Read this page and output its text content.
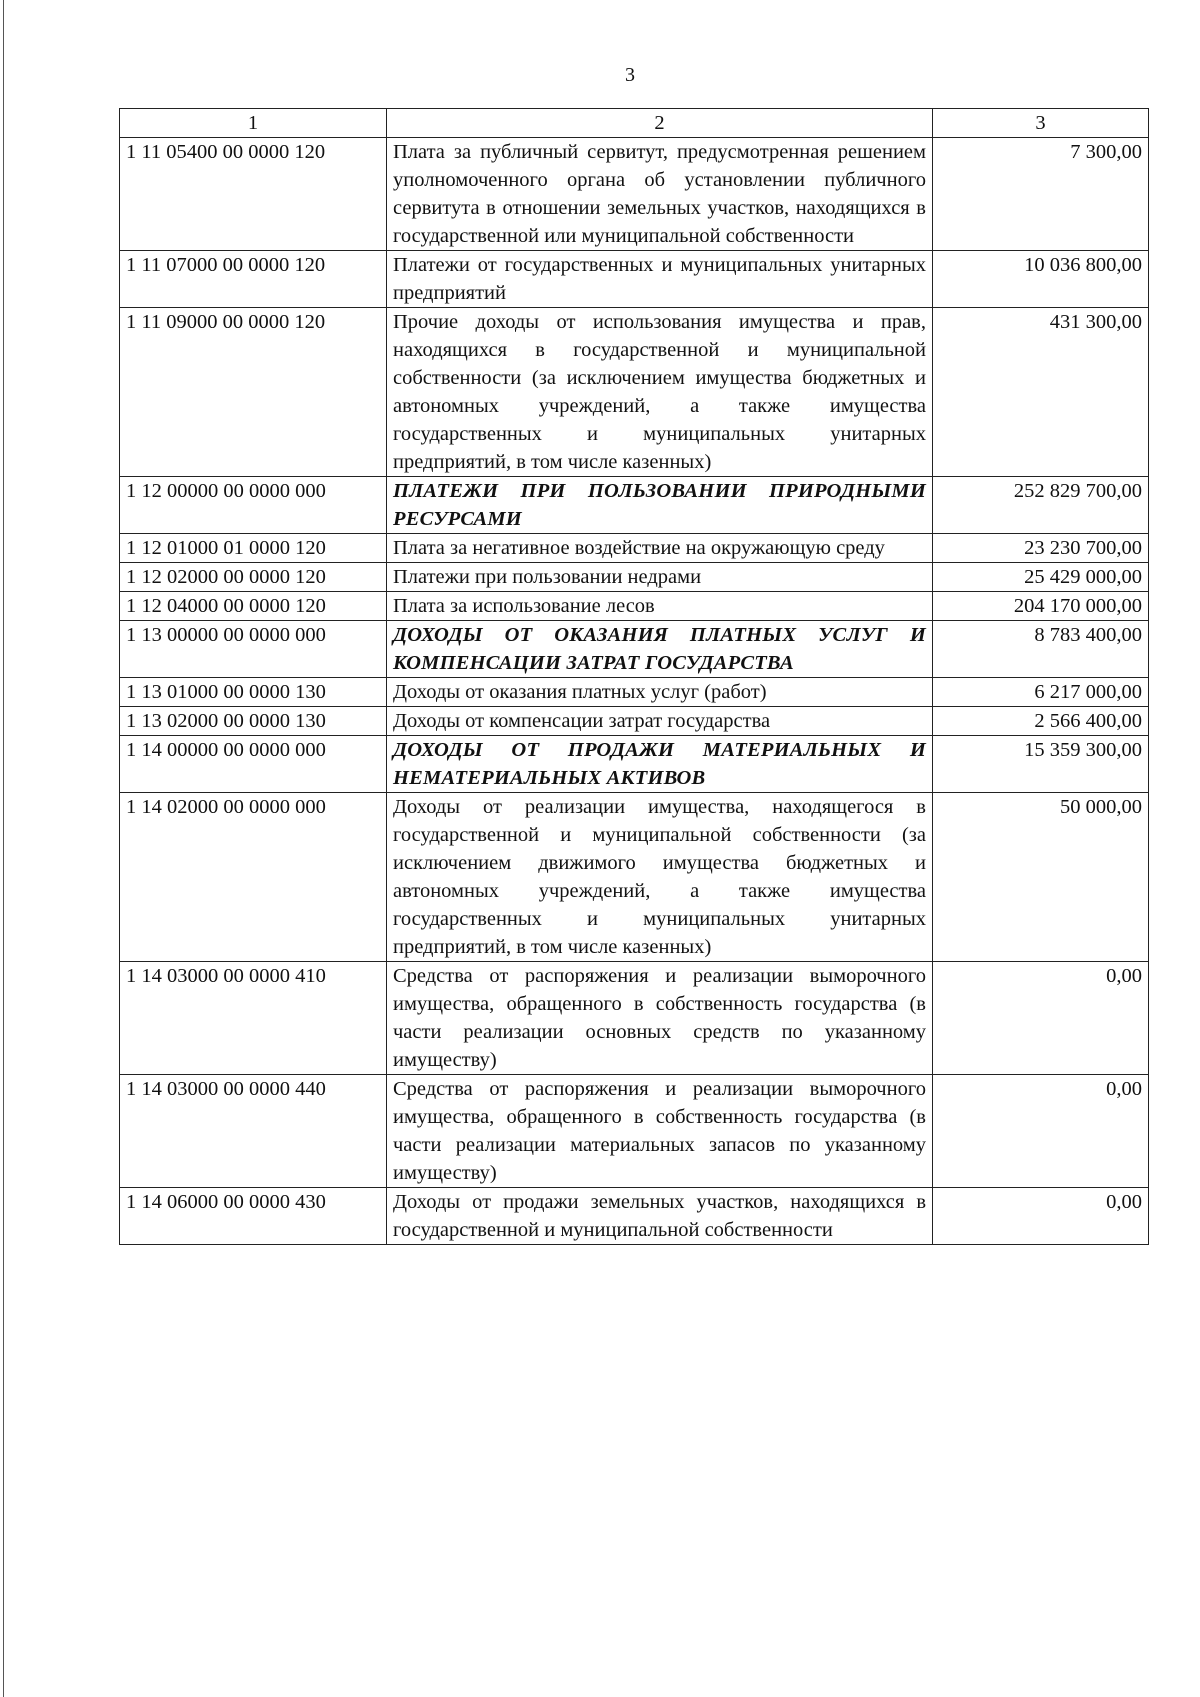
3
1	2	3
1 11 05400 00 0000 120	Плата за публичный сервитут, предусмотренная решением уполномоченного органа об установлении публичного сервитута в отношении земельных участков, находящихся в государственной или муниципальной собственности	7 300,00
1 11 07000 00 0000 120	Платежи от государственных и муниципальных унитарных предприятий	10 036 800,00
1 11 09000 00 0000 120	Прочие доходы от использования имущества и прав, находящихся в государственной и муниципальной собственности (за исключением имущества бюджетных и автономных учреждений, а также имущества государственных и муниципальных унитарных предприятий, в том числе казенных)	431 300,00
1 12 00000 00 0000 000	ПЛАТЕЖИ ПРИ ПОЛЬЗОВАНИИ ПРИРОДНЫМИ РЕСУРСАМИ	252 829 700,00
1 12 01000 01 0000 120	Плата за негативное воздействие на окружающую среду	23 230 700,00
1 12 02000 00 0000 120	Платежи при пользовании недрами	25 429 000,00
1 12 04000 00 0000 120	Плата за использование лесов	204 170 000,00
1 13 00000 00 0000 000	ДОХОДЫ ОТ ОКАЗАНИЯ ПЛАТНЫХ УСЛУГ И КОМПЕНСАЦИИ ЗАТРАТ ГОСУДАРСТВА	8 783 400,00
1 13 01000 00 0000 130	Доходы от оказания платных услуг (работ)	6 217 000,00
1 13 02000 00 0000 130	Доходы от компенсации затрат государства	2 566 400,00
1 14 00000 00 0000 000	ДОХОДЫ ОТ ПРОДАЖИ МАТЕРИАЛЬНЫХ И НЕМАТЕРИАЛЬНЫХ АКТИВОВ	15 359 300,00
1 14 02000 00 0000 000	Доходы от реализации имущества, находящегося в государственной и муниципальной собственности (за исключением движимого имущества бюджетных и автономных учреждений, а также имущества государственных и муниципальных унитарных предприятий, в том числе казенных)	50 000,00
1 14 03000 00 0000 410	Средства от распоряжения и реализации выморочного имущества, обращенного в собственность государства (в части реализации основных средств по указанному имуществу)	0,00
1 14 03000 00 0000 440	Средства от распоряжения и реализации выморочного имущества, обращенного в собственность государства (в части реализации материальных запасов по указанному имуществу)	0,00
1 14 06000 00 0000 430	Доходы от продажи земельных участков, находящихся в государственной и муниципальной собственности	0,00
